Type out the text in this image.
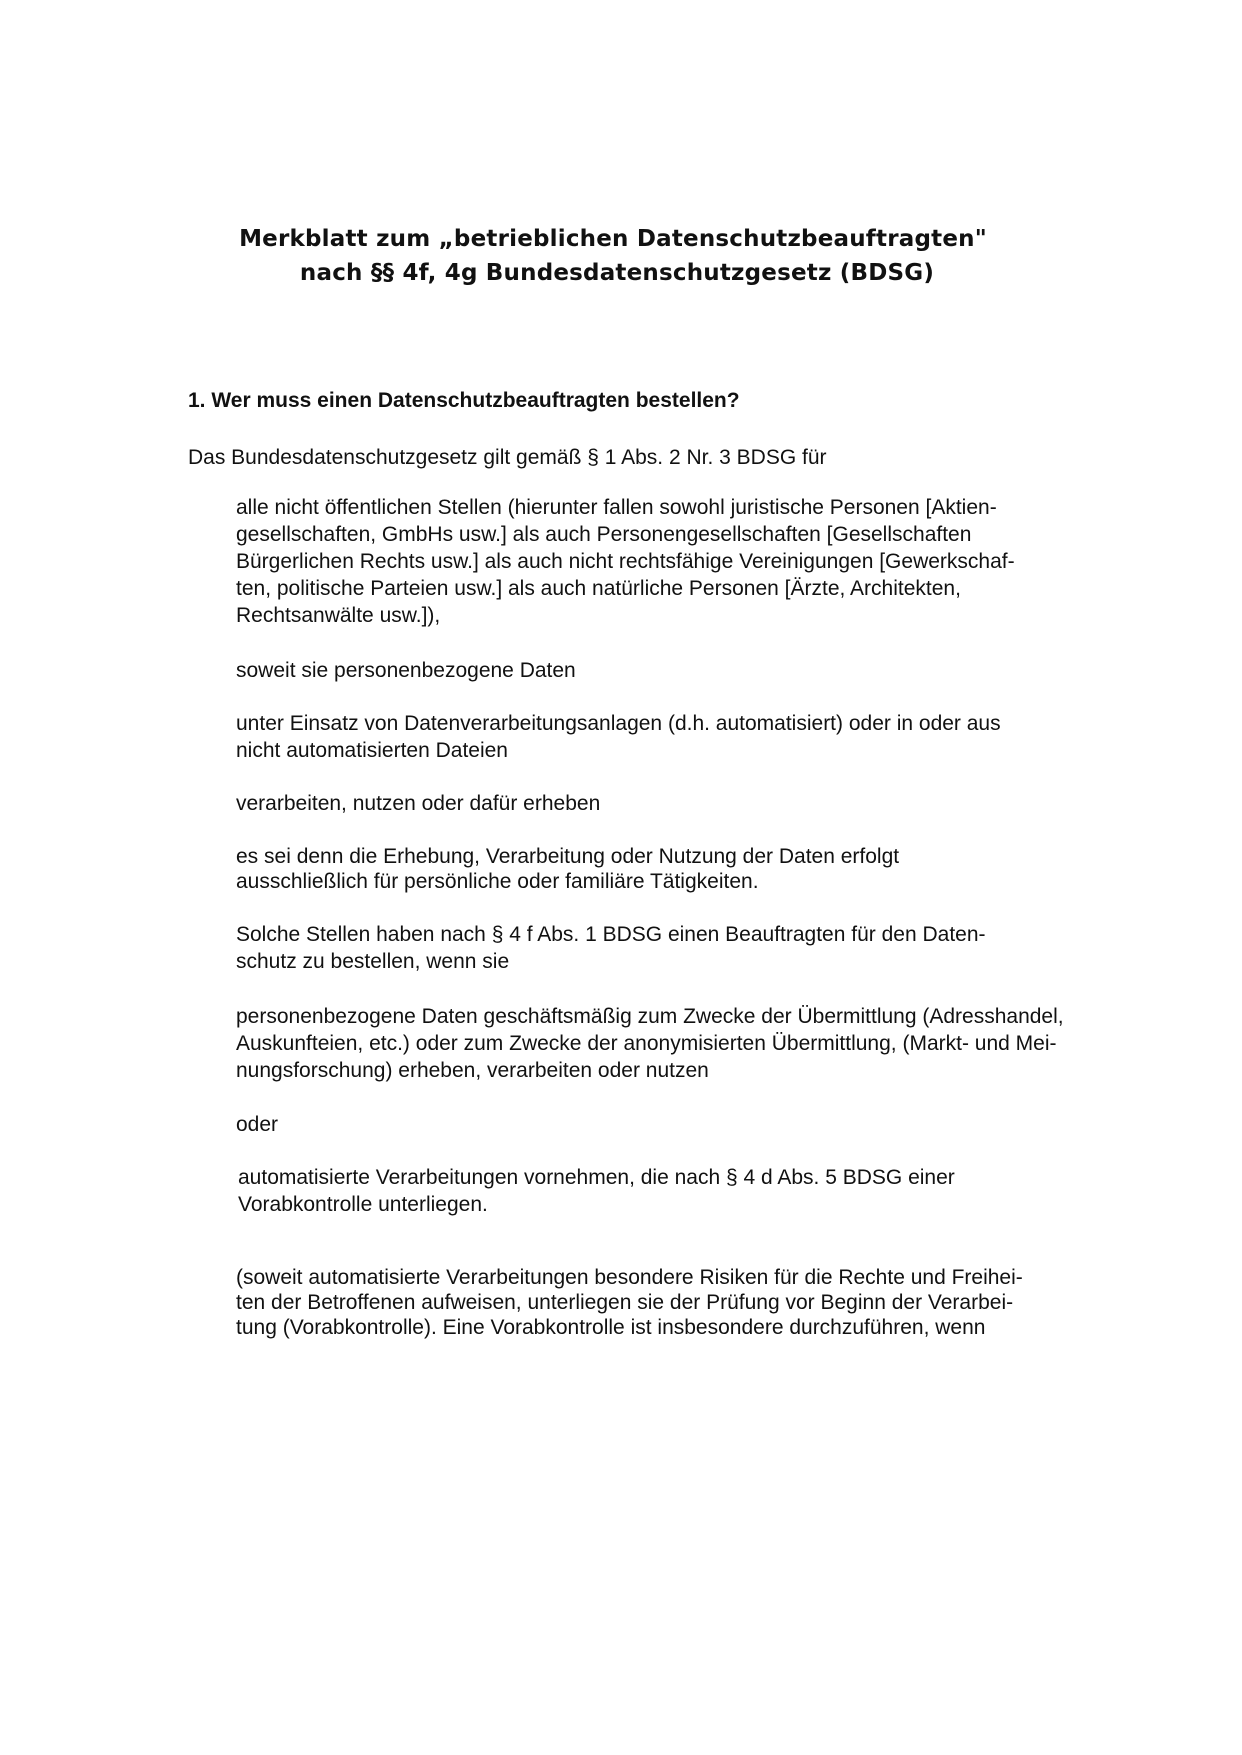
Merkblatt zum „betrieblichen Datenschutzbeauftragten"
nach §§ 4f, 4g Bundesdatenschutzgesetz (BDSG)
1. Wer muss einen Datenschutzbeauftragten bestellen?

Das Bundesdatenschutzgesetz gilt gemäß § 1 Abs. 2 Nr. 3 BDSG für

alle nicht öffentlichen Stellen (hierunter fallen sowohl juristische Personen [Aktien-
gesellschaften, GmbHs usw.] als auch Personengesellschaften [Gesellschaften
Bürgerlichen Rechts usw.] als auch nicht rechtsfähige Vereinigungen [Gewerkschaf-
ten, politische Parteien usw.] als auch natürliche Personen [Ärzte, Architekten,
Rechtsanwälte usw.]),

soweit sie personenbezogene Daten

unter Einsatz von Datenverarbeitungsanlagen (d.h. automatisiert) oder in oder aus
nicht automatisierten Dateien

verarbeiten, nutzen oder dafür erheben

es sei denn die Erhebung, Verarbeitung oder Nutzung der Daten erfolgt
ausschließlich für persönliche oder familiäre Tätigkeiten.

Solche Stellen haben nach § 4 f Abs. 1 BDSG einen Beauftragten für den Daten-
schutz zu bestellen, wenn sie

personenbezogene Daten geschäftsmäßig zum Zwecke der Übermittlung (Adresshandel,
Auskunfteien, etc.) oder zum Zwecke der anonymisierten Übermittlung, (Markt- und Mei-
nungsforschung) erheben, verarbeiten oder nutzen

oder

automatisierte Verarbeitungen vornehmen, die nach § 4 d Abs. 5 BDSG einer
Vorabkontrolle unterliegen.

(soweit automatisierte Verarbeitungen besondere Risiken für die Rechte und Freihei-
ten der Betroffenen aufweisen, unterliegen sie der Prüfung vor Beginn der Verarbei-
tung (Vorabkontrolle). Eine Vorabkontrolle ist insbesondere durchzuführen, wenn
